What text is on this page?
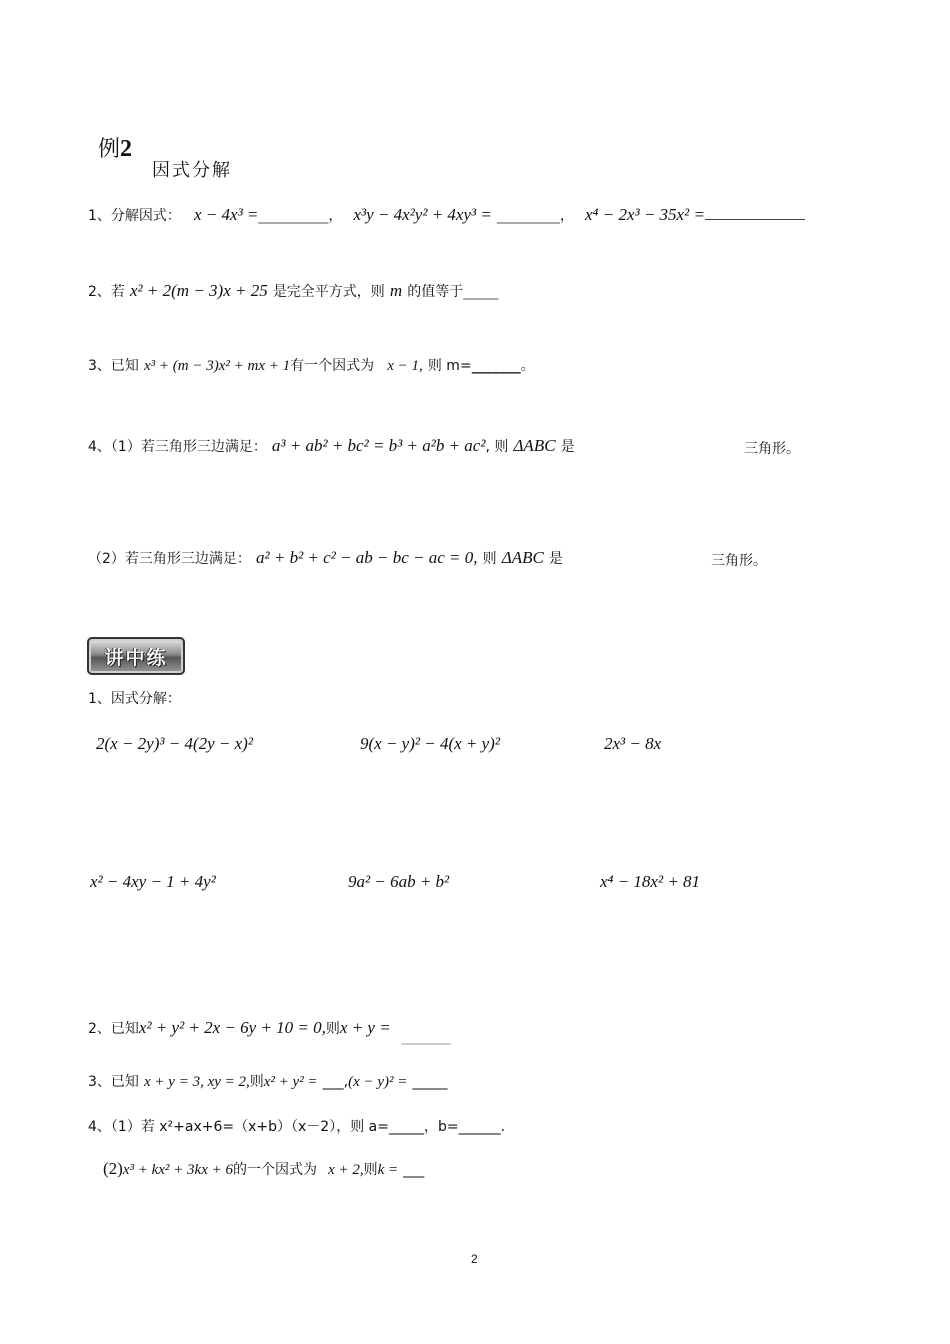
例2
因式分解
1、分解因式： x − 4x³ =__________， x³y − 4x²y² + 4xy³ = _________， x⁴ − 2x³ − 35x² =
2、若 x² + 2(m − 3)x + 25 是完全平方式，则 m 的值等于_____
3、已知 x³ + (m − 3)x² + mx + 1有一个因式为 x − 1, 则 m=_______。
4、（1）若三角形三边满足： a³ + ab² + bc² = b³ + a²b + ac², 则 ΔABC 是	三角形。
（2）若三角形三边满足： a² + b² + c² − ab − bc − ac = 0, 则 ΔABC 是	三角形。
讲中练
1、因式分解：
2(x − 2y)³ − 4(2y − x)²	9(x − y)² − 4(x + y)²	2x³ − 8x
x² − 4xy − 1 + 4y²	9a² − 6ab + b²	x⁴ − 18x² + 81
2、已知x² + y² + 2x − 6y + 10 = 0,则x + y = _______
3、已知 x + y = 3, xy = 2,则x² + y² = ___,(x − y)² = _____
4、（1）若 x²+ax+6=（x+b）（x－2），则 a=_____，b=______.
(2)x³ + kx² + 3kx + 6的一个因式为 x + 2,则k = ___
2
